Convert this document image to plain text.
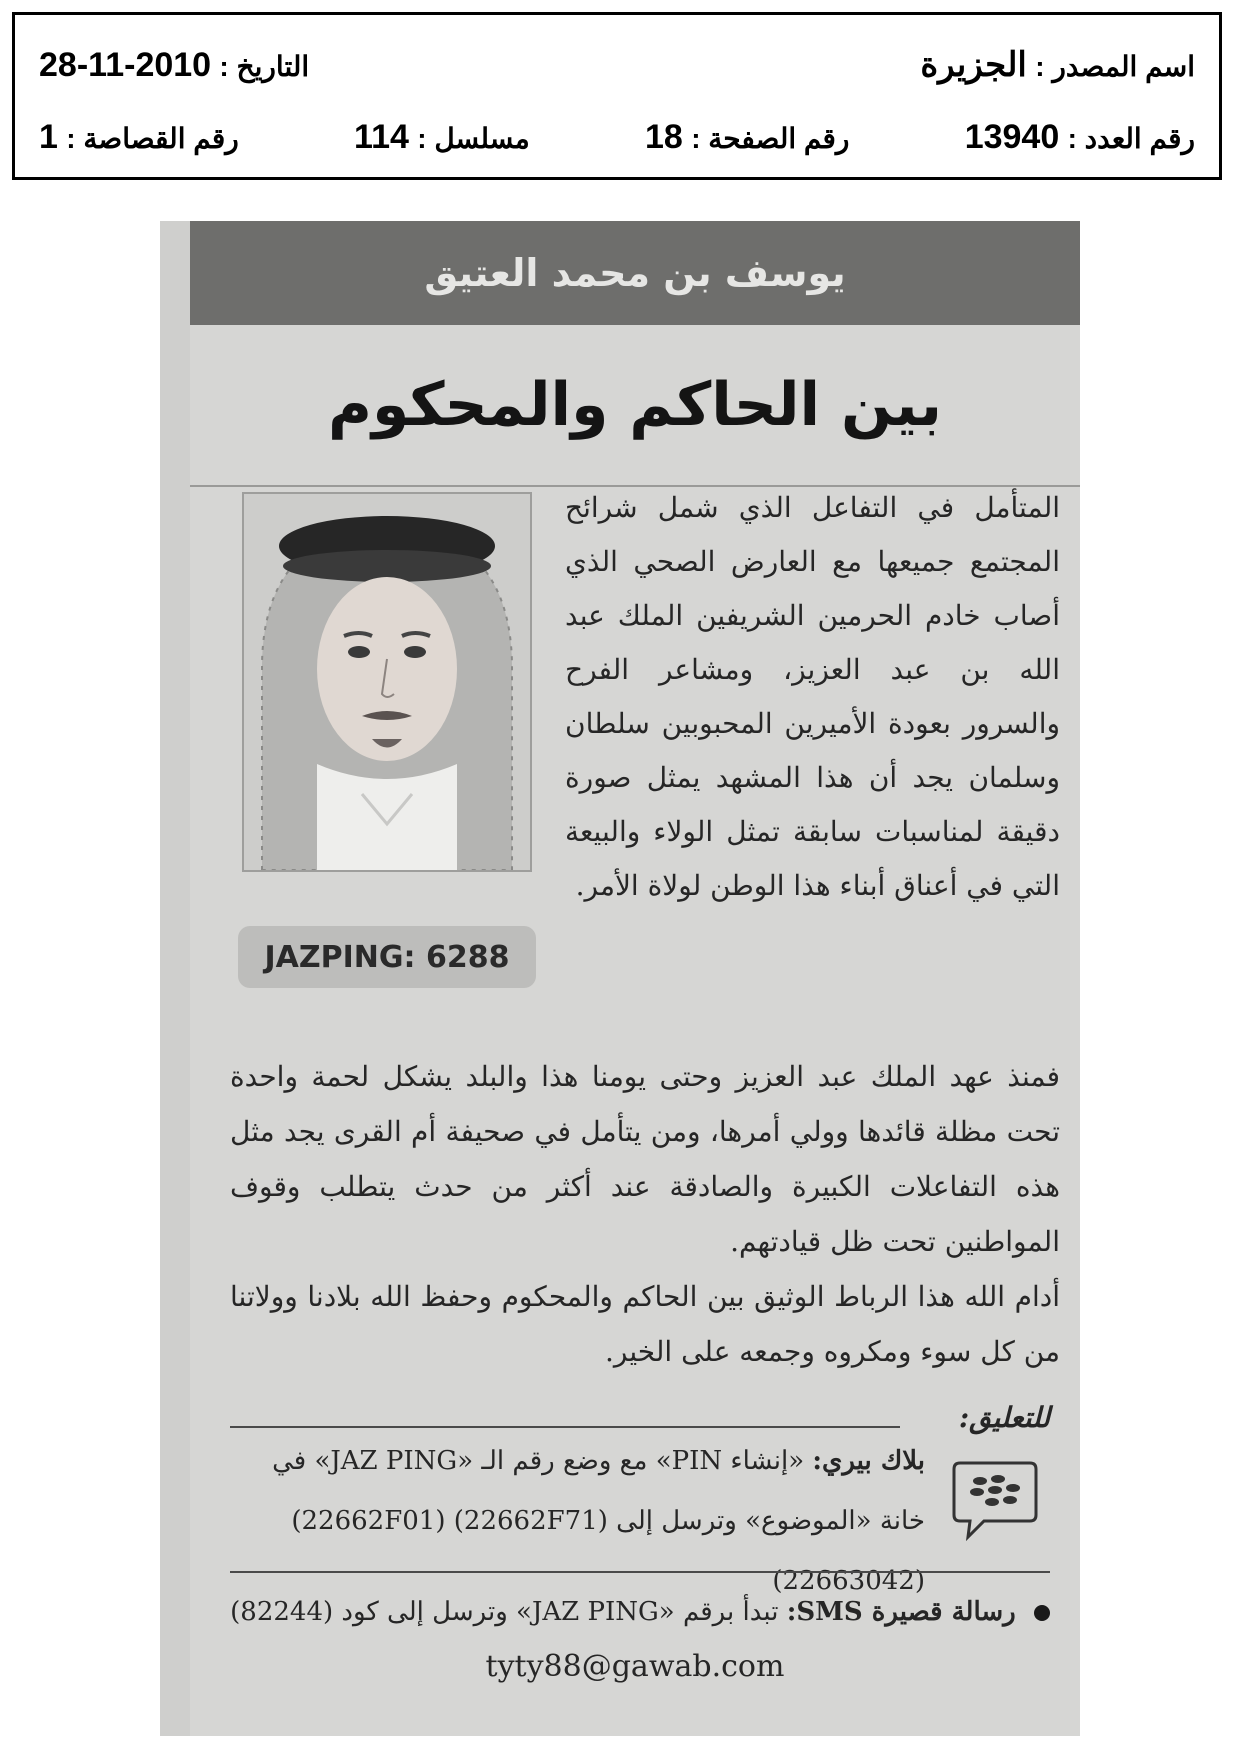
اسم المصدر : الجزيرة
التاريخ : 2010-11-28
رقم العدد : 13940
رقم الصفحة : 18
مسلسل : 114
رقم القصاصة : 1
يوسف بن محمد العتيق
بين الحاكم والمحكوم
JAZPING: 6288
المتأمل في التفاعل الذي شمل شرائح المجتمع جميعها مع العارض الصحي الذي أصاب خادم الحرمين الشريفين الملك عبد الله بن عبد العزيز، ومشاعر الفرح والسرور بعودة الأميرين المحبوبين سلطان وسلمان يجد أن هذا المشهد يمثل صورة دقيقة لمناسبات سابقة تمثل الولاء والبيعة التي في أعناق أبناء هذا الوطن لولاة الأمر.

فمنذ عهد الملك عبد العزيز وحتى يومنا هذا والبلد يشكل لحمة واحدة تحت مظلة قائدها وولي أمرها، ومن يتأمل في صحيفة أم القرى يجد مثل هذه التفاعلات الكبيرة والصادقة عند أكثر من حدث يتطلب وقوف المواطنين تحت ظل قيادتهم.

أدام الله هذا الرباط الوثيق بين الحاكم والمحكوم وحفظ الله بلادنا وولاتنا من كل سوء ومكروه وجمعه على الخير.

للتعليق:
بلاك بيري: «إنشاء PIN» مع وضع رقم الـ «JAZ PING» في خانة «الموضوع» وترسل إلى (22662F71) (22662F01) (22663042)
رسالة قصيرة SMS: تبدأ برقم «JAZ PING» وترسل إلى كود (82244)
tyty88@gawab.com
